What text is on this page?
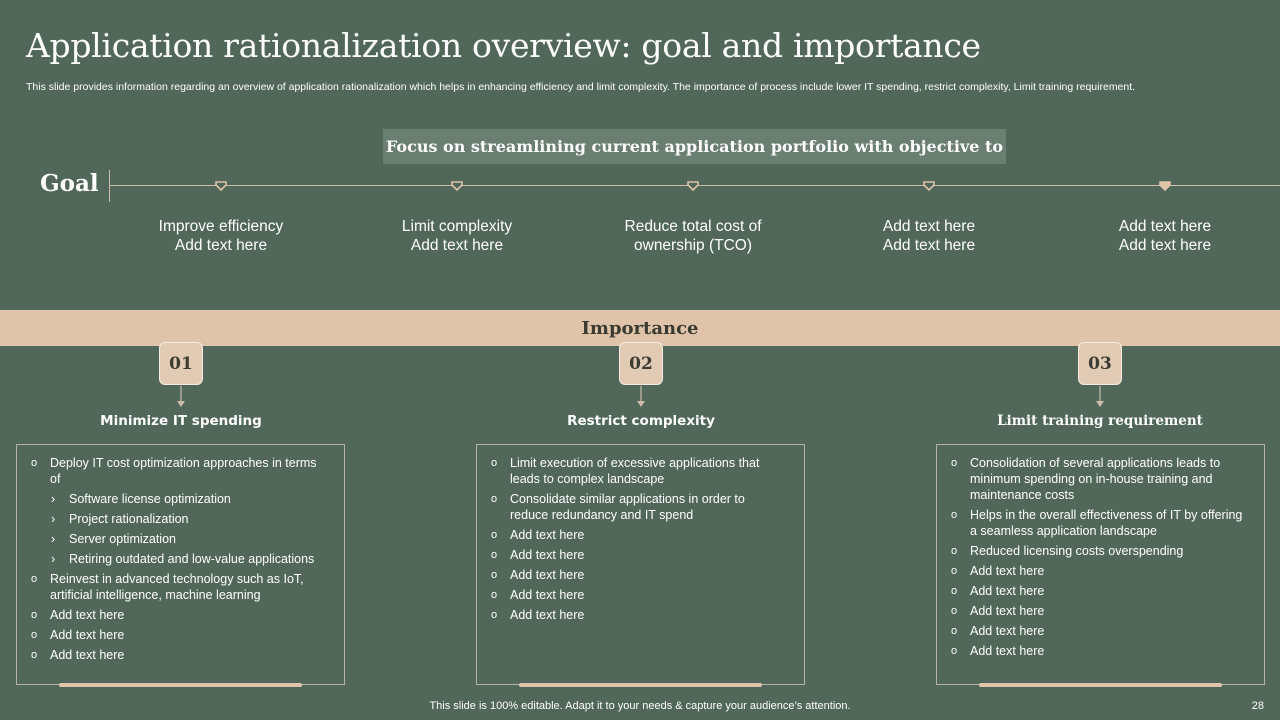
Application rationalization overview: goal and importance
This slide provides information regarding an overview of application rationalization which helps in enhancing efficiency and limit complexity. The importance of process include lower IT spending, restrict complexity, Limit training requirement.
Focus on streamlining current application portfolio with objective to
Goal
Improve efficiency
Add text here
Limit complexity
Add text here
Reduce total cost of
ownership (TCO)
Add text here
Add text here
Add text here
Add text here
Importance
01
Minimize IT spending
o Deploy IT cost optimization approaches in terms of
› Software license optimization
› Project rationalization
› Server optimization
› Retiring outdated and low-value applications
o Reinvest in advanced technology such as IoT, artificial intelligence, machine learning
o Add text here
o Add text here
o Add text here
02
Restrict complexity
o Limit execution of excessive applications that leads to complex landscape
o Consolidate similar applications in order to reduce redundancy and IT spend
o Add text here
o Add text here
o Add text here
o Add text here
o Add text here
03
Limit training requirement
o Consolidation of several applications leads to minimum spending on in-house training and maintenance costs
o Helps in the overall effectiveness of IT by offering a seamless application landscape
o Reduced licensing costs overspending
o Add text here
o Add text here
o Add text here
o Add text here
o Add text here
This slide is 100% editable. Adapt it to your needs & capture your audience’s attention.	28
